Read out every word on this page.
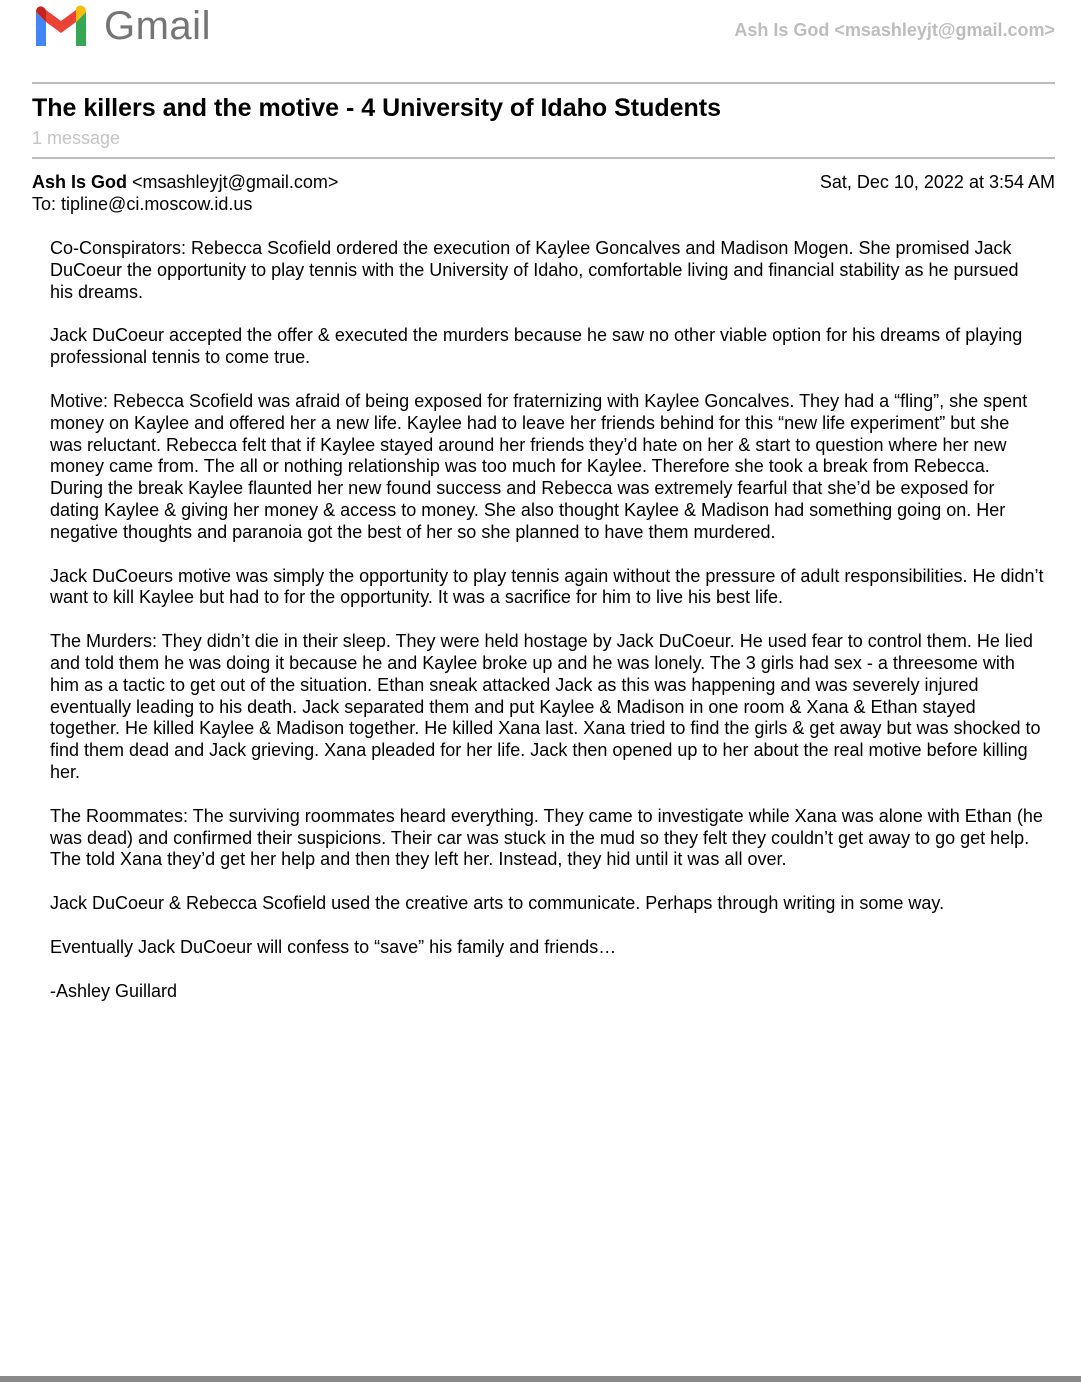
Gmail	Ash Is God <msashleyjt@gmail.com>
The killers and the motive - 4 University of Idaho Students
1 message
Ash Is God <msashleyjt@gmail.com>
To: tipline@ci.moscow.id.us
Sat, Dec 10, 2022 at 3:54 AM

Co-Conspirators: Rebecca Scofield ordered the execution of Kaylee Goncalves and Madison Mogen. She promised Jack DuCoeur the opportunity to play tennis with the University of Idaho, comfortable living and financial stability as he pursued his dreams.

Jack DuCoeur accepted the offer & executed the murders because he saw no other viable option for his dreams of playing professional tennis to come true.

Motive: Rebecca Scofield was afraid of being exposed for fraternizing with Kaylee Goncalves. They had a “fling”, she spent money on Kaylee and offered her a new life. Kaylee had to leave her friends behind for this “new life experiment” but she was reluctant. Rebecca felt that if Kaylee stayed around her friends they’d hate on her & start to question where her new money came from. The all or nothing relationship was too much for Kaylee. Therefore she took a break from Rebecca. During the break Kaylee flaunted her new found success and Rebecca was extremely fearful that she’d be exposed for dating Kaylee & giving her money & access to money. She also thought Kaylee & Madison had something going on. Her negative thoughts and paranoia got the best of her so she planned to have them murdered.

Jack DuCoeurs motive was simply the opportunity to play tennis again without the pressure of adult responsibilities. He didn’t want to kill Kaylee but had to for the opportunity. It was a sacrifice for him to live his best life.

The Murders: They didn’t die in their sleep. They were held hostage by Jack DuCoeur. He used fear to control them. He lied and told them he was doing it because he and Kaylee broke up and he was lonely. The 3 girls had sex - a threesome with him as a tactic to get out of the situation. Ethan sneak attacked Jack as this was happening and was severely injured eventually leading to his death. Jack separated them and put Kaylee & Madison in one room & Xana & Ethan stayed together. He killed Kaylee & Madison together. He killed Xana last. Xana tried to find the girls & get away but was shocked to find them dead and Jack grieving. Xana pleaded for her life. Jack then opened up to her about the real motive before killing her.

The Roommates: The surviving roommates heard everything. They came to investigate while Xana was alone with Ethan (he was dead) and confirmed their suspicions. Their car was stuck in the mud so they felt they couldn’t get away to go get help. The told Xana they’d get her help and then they left her. Instead, they hid until it was all over.

Jack DuCoeur & Rebecca Scofield used the creative arts to communicate. Perhaps through writing in some way.

Eventually Jack DuCoeur will confess to “save” his family and friends…

-Ashley Guillard
